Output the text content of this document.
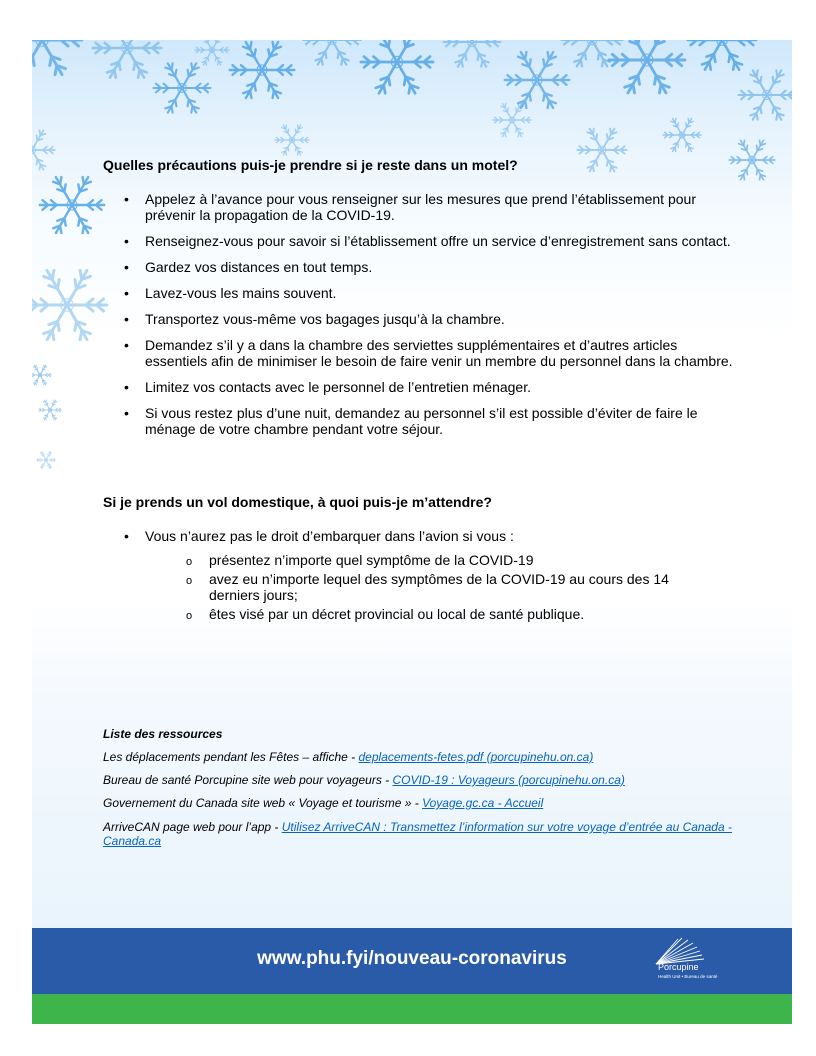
Quelles précautions puis-je prendre si je reste dans un motel?
• Appelez à l’avance pour vous renseigner sur les mesures que prend l’établissement pour prévenir la propagation de la COVID-19.
• Renseignez-vous pour savoir si l’établissement offre un service d’enregistrement sans contact.
• Gardez vos distances en tout temps.
• Lavez-vous les mains souvent.
• Transportez vous-même vos bagages jusqu’à la chambre.
• Demandez s’il y a dans la chambre des serviettes supplémentaires et d’autres articles essentiels afin de minimiser le besoin de faire venir un membre du personnel dans la chambre.
• Limitez vos contacts avec le personnel de l’entretien ménager.
• Si vous restez plus d’une nuit, demandez au personnel s’il est possible d’éviter de faire le ménage de votre chambre pendant votre séjour.
Si je prends un vol domestique, à quoi puis-je m’attendre?
• Vous n’aurez pas le droit d’embarquer dans l’avion si vous :
o présentez n’importe quel symptôme de la COVID-19
o avez eu n’importe lequel des symptômes de la COVID-19 au cours des 14 derniers jours;
o êtes visé par un décret provincial ou local de santé publique.
Liste des ressources
Les déplacements pendant les Fêtes – affiche - deplacements-fetes.pdf (porcupinehu.on.ca)
Bureau de santé Porcupine site web pour voyageurs - COVID-19 : Voyageurs (porcupinehu.on.ca)
Governement du Canada site web « Voyage et tourisme » - Voyage.gc.ca - Accueil
ArriveCAN page web pour l’app - Utilisez ArriveCAN : Transmettez l’information sur votre voyage d’entrée au Canada - Canada.ca
www.phu.fyi/nouveau-coronavirus	Porcupine
Health Unit • Bureau de santé
